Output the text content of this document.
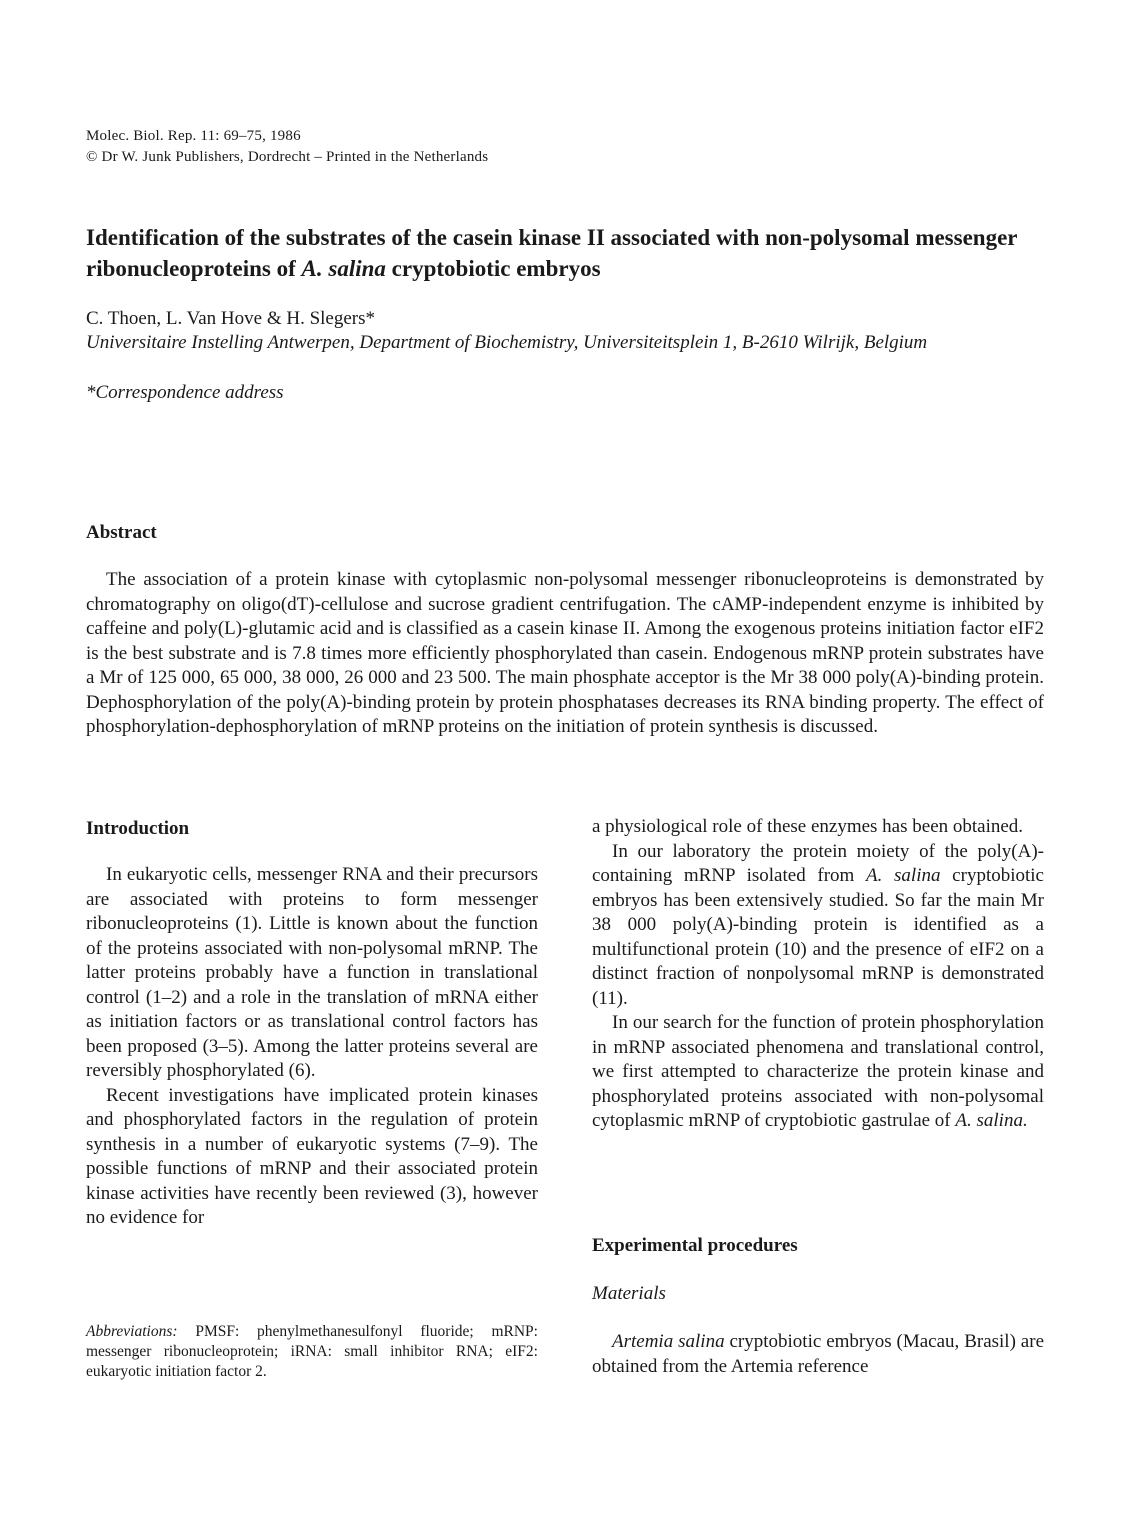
Molec. Biol. Rep. 11: 69–75, 1986
© Dr W. Junk Publishers, Dordrecht – Printed in the Netherlands
Identification of the substrates of the casein kinase II associated with non-polysomal messenger ribonucleoproteins of A. salina cryptobiotic embryos
C. Thoen, L. Van Hove & H. Slegers*
Universitaire Instelling Antwerpen, Department of Biochemistry, Universiteitsplein 1, B-2610 Wilrijk, Belgium
*Correspondence address
Abstract
The association of a protein kinase with cytoplasmic non-polysomal messenger ribonucleoproteins is demonstrated by chromatography on oligo(dT)-cellulose and sucrose gradient centrifugation. The cAMP-independent enzyme is inhibited by caffeine and poly(L)-glutamic acid and is classified as a casein kinase II. Among the exogenous proteins initiation factor eIF2 is the best substrate and is 7.8 times more efficiently phosphorylated than casein. Endogenous mRNP protein substrates have a Mr of 125 000, 65 000, 38 000, 26 000 and 23 500. The main phosphate acceptor is the Mr 38 000 poly(A)-binding protein. Dephosphorylation of the poly(A)-binding protein by protein phosphatases decreases its RNA binding property. The effect of phosphorylation-dephosphorylation of mRNP proteins on the initiation of protein synthesis is discussed.
Introduction

In eukaryotic cells, messenger RNA and their precursors are associated with proteins to form messenger ribonucleoproteins (1). Little is known about the function of the proteins associated with non-polysomal mRNP. The latter proteins probably have a function in translational control (1–2) and a role in the translation of mRNA either as initiation factors or as translational control factors has been proposed (3–5). Among the latter proteins several are reversibly phosphorylated (6).

Recent investigations have implicated protein kinases and phosphorylated factors in the regulation of protein synthesis in a number of eukaryotic systems (7–9). The possible functions of mRNP and their associated protein kinase activities have recently been reviewed (3), however no evidence for

Abbreviations: PMSF: phenylmethanesulfonyl fluoride; mRNP: messenger ribonucleoprotein; iRNA: small inhibitor RNA; eIF2: eukaryotic initiation factor 2.

a physiological role of these enzymes has been obtained.

In our laboratory the protein moiety of the poly(A)-containing mRNP isolated from A. salina cryptobiotic embryos has been extensively studied. So far the main Mr 38 000 poly(A)-binding protein is identified as a multifunctional protein (10) and the presence of eIF2 on a distinct fraction of nonpolysomal mRNP is demonstrated (11).

In our search for the function of protein phosphorylation in mRNP associated phenomena and translational control, we first attempted to characterize the protein kinase and phosphorylated proteins associated with non-polysomal cytoplasmic mRNP of cryptobiotic gastrulae of A. salina.

Experimental procedures
Materials

Artemia salina cryptobiotic embryos (Macau, Brasil) are obtained from the Artemia reference
